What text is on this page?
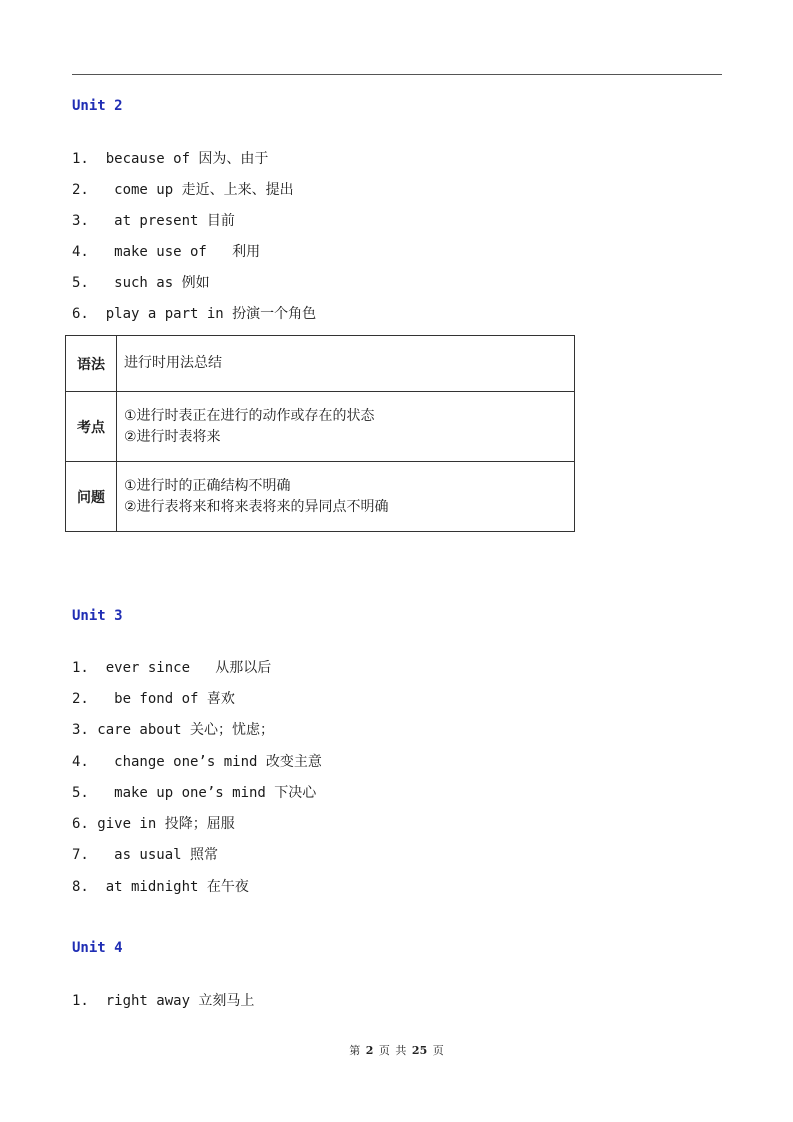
Unit 2
1.  because of 因为、由于
2.   come up 走近、上来、提出
3.   at present 目前
4.   make use of   利用
5.   such as 例如
6.  play a part in 扮演一个角色
语法	进行时用法总结

考点	①进行时表正在进行的动作或存在的状态
②进行时表将来

问题	①进行时的正确结构不明确
②进行表将来和将来表将来的异同点不明确
Unit 3
1.  ever since   从那以后
2.   be fond of 喜欢
3. care about 关心；忧虑；
4.   change one’s mind 改变主意
5.   make up one’s mind 下决心
6. give in 投降；屈服
7.   as usual 照常
8.  at midnight 在午夜
Unit 4
1.  right away 立刻马上
第 2 页 共 25 页
